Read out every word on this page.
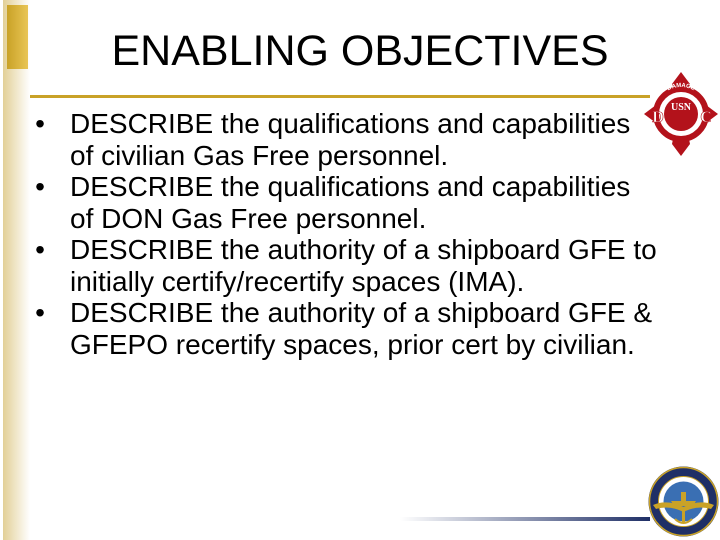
ENABLING OBJECTIVES
• DESCRIBE the qualifications and capabilities of civilian Gas Free personnel.
• DESCRIBE the qualifications and capabilities of DON Gas Free personnel.
• DESCRIBE the authority of a shipboard GFE to initially certify/recertify spaces (IMA).
• DESCRIBE the authority of a shipboard GFE & GFEPO recertify spaces, prior cert by civilian.
DAMAGE
CONTROL
USN
D C
